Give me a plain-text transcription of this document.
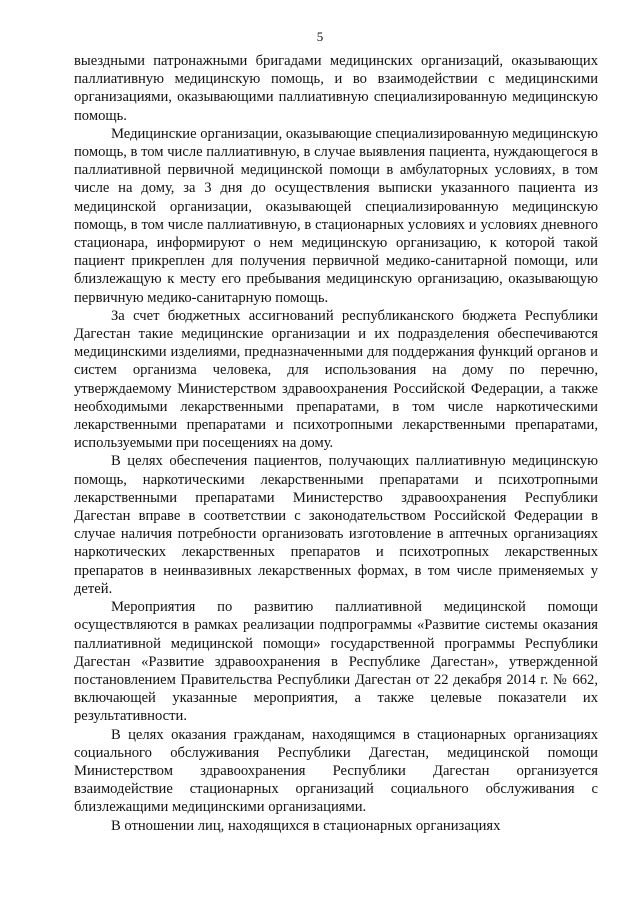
5

выездными патронажными бригадами медицинских организаций, оказывающих паллиативную медицинскую помощь, и во взаимодействии с медицинскими организациями, оказывающими паллиативную специализированную медицинскую помощь.

Медицинские организации, оказывающие специализированную медицинскую помощь, в том числе паллиативную, в случае выявления пациента, нуждающегося в паллиативной первичной медицинской помощи в амбулаторных условиях, в том числе на дому, за 3 дня до осуществления выписки указанного пациента из медицинской организации, оказывающей специализированную медицинскую помощь, в том числе паллиативную, в стационарных условиях и условиях дневного стационара, информируют о нем медицинскую организацию, к которой такой пациент прикреплен для получения первичной медико-санитарной помощи, или близлежащую к месту его пребывания медицинскую организацию, оказывающую первичную медико-санитарную помощь.

За счет бюджетных ассигнований республиканского бюджета Республики Дагестан такие медицинские организации и их подразделения обеспечиваются медицинскими изделиями, предназначенными для поддержания функций органов и систем организма человека, для использования на дому по перечню, утверждаемому Министерством здравоохранения Российской Федерации, а также необходимыми лекарственными препаратами, в том числе наркотическими лекарственными препаратами и психотропными лекарственными препаратами, используемыми при посещениях на дому.

В целях обеспечения пациентов, получающих паллиативную медицинскую помощь, наркотическими лекарственными препаратами и психотропными лекарственными препаратами Министерство здравоохранения Республики Дагестан вправе в соответствии с законодательством Российской Федерации в случае наличия потребности организовать изготовление в аптечных организациях наркотических лекарственных препаратов и психотропных лекарственных препаратов в неинвазивных лекарственных формах, в том числе применяемых у детей.

Мероприятия по развитию паллиативной медицинской помощи осуществляются в рамках реализации подпрограммы «Развитие системы оказания паллиативной медицинской помощи» государственной программы Республики Дагестан «Развитие здравоохранения в Республике Дагестан», утвержденной постановлением Правительства Республики Дагестан от 22 декабря 2014 г. № 662, включающей указанные мероприятия, а также целевые показатели их результативности.

В целях оказания гражданам, находящимся в стационарных организациях социального обслуживания Республики Дагестан, медицинской помощи Министерством здравоохранения Республики Дагестан организуется взаимодействие стационарных организаций социального обслуживания с близлежащими медицинскими организациями.

В отношении лиц, находящихся в стационарных организациях
